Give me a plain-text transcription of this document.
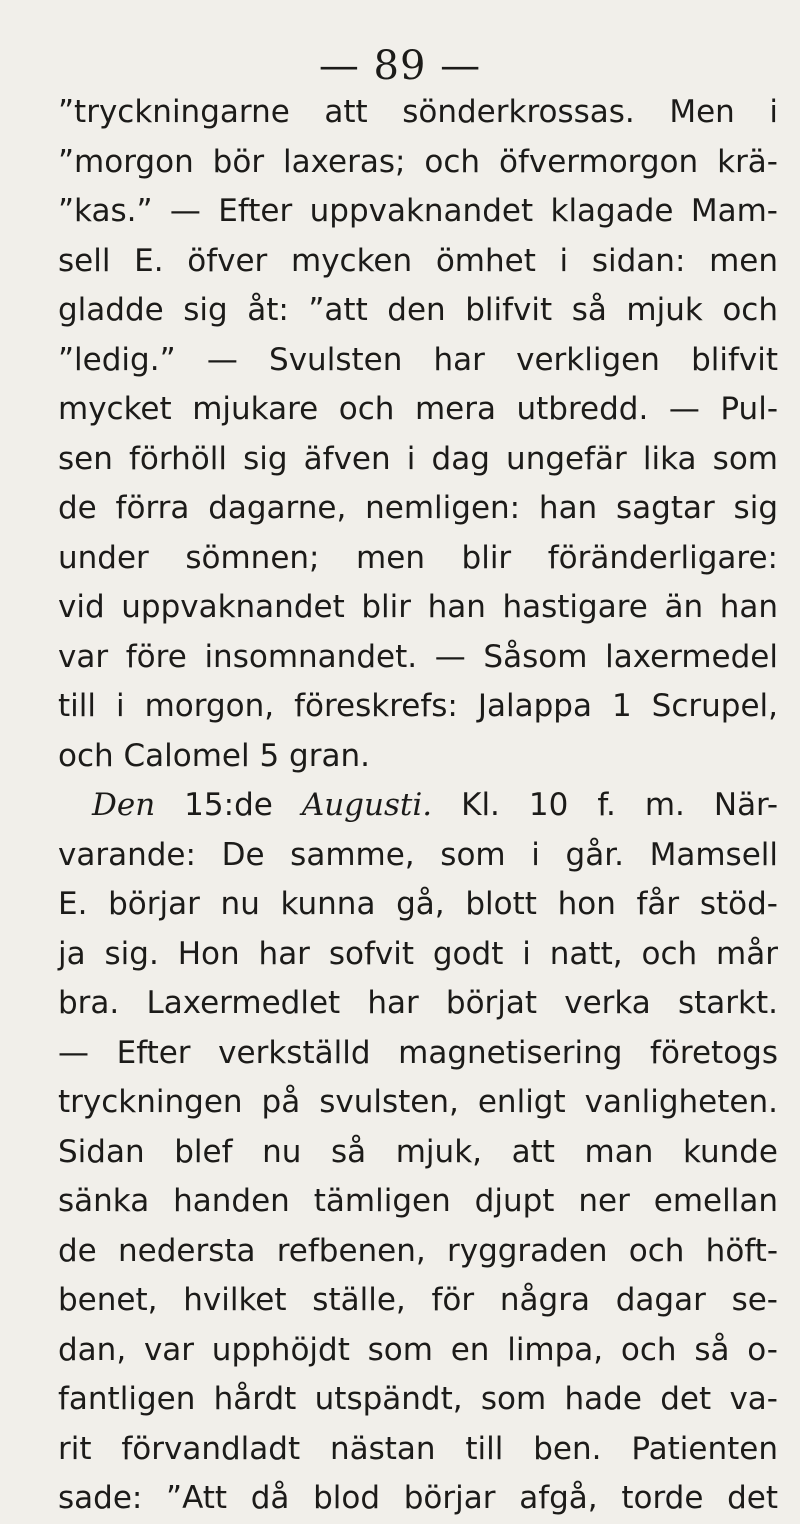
— 89 —
”tryckningarne att sönderkrossas. Men i
”morgon bör laxeras; och öfvermorgon krä-
”kas.” — Efter uppvaknandet klagade Mam-
sell E. öfver mycken ömhet i sidan: men
gladde sig åt: ”att den blifvit så mjuk och
”ledig.” — Svulsten har verkligen blifvit
mycket mjukare och mera utbredd. — Pul-
sen förhöll sig äfven i dag ungefär lika som
de förra dagarne, nemligen: han sagtar sig
under sömnen; men blir föränderligare:
vid uppvaknandet blir han hastigare än han
var före insomnandet. — Såsom laxermedel
till i morgon, föreskrefs: Jalappa 1 Scrupel,
och Calomel 5 gran.
Den 15:de Augusti. Kl. 10 f. m. När-
varande: De samme, som i går. Mamsell
E. börjar nu kunna gå, blott hon får stöd-
ja sig. Hon har sofvit godt i natt, och mår
bra. Laxermedlet har börjat verka starkt.
— Efter verkställd magnetisering företogs
tryckningen på svulsten, enligt vanligheten.
Sidan blef nu så mjuk, att man kunde
sänka handen tämligen djupt ner emellan
de nedersta refbenen, ryggraden och höft-
benet, hvilket ställe, för några dagar se-
dan, var upphöjdt som en limpa, och så o-
fantligen hårdt utspändt, som hade det va-
rit förvandladt nästan till ben. Patienten
sade: ”Att då blod börjar afgå, torde det
